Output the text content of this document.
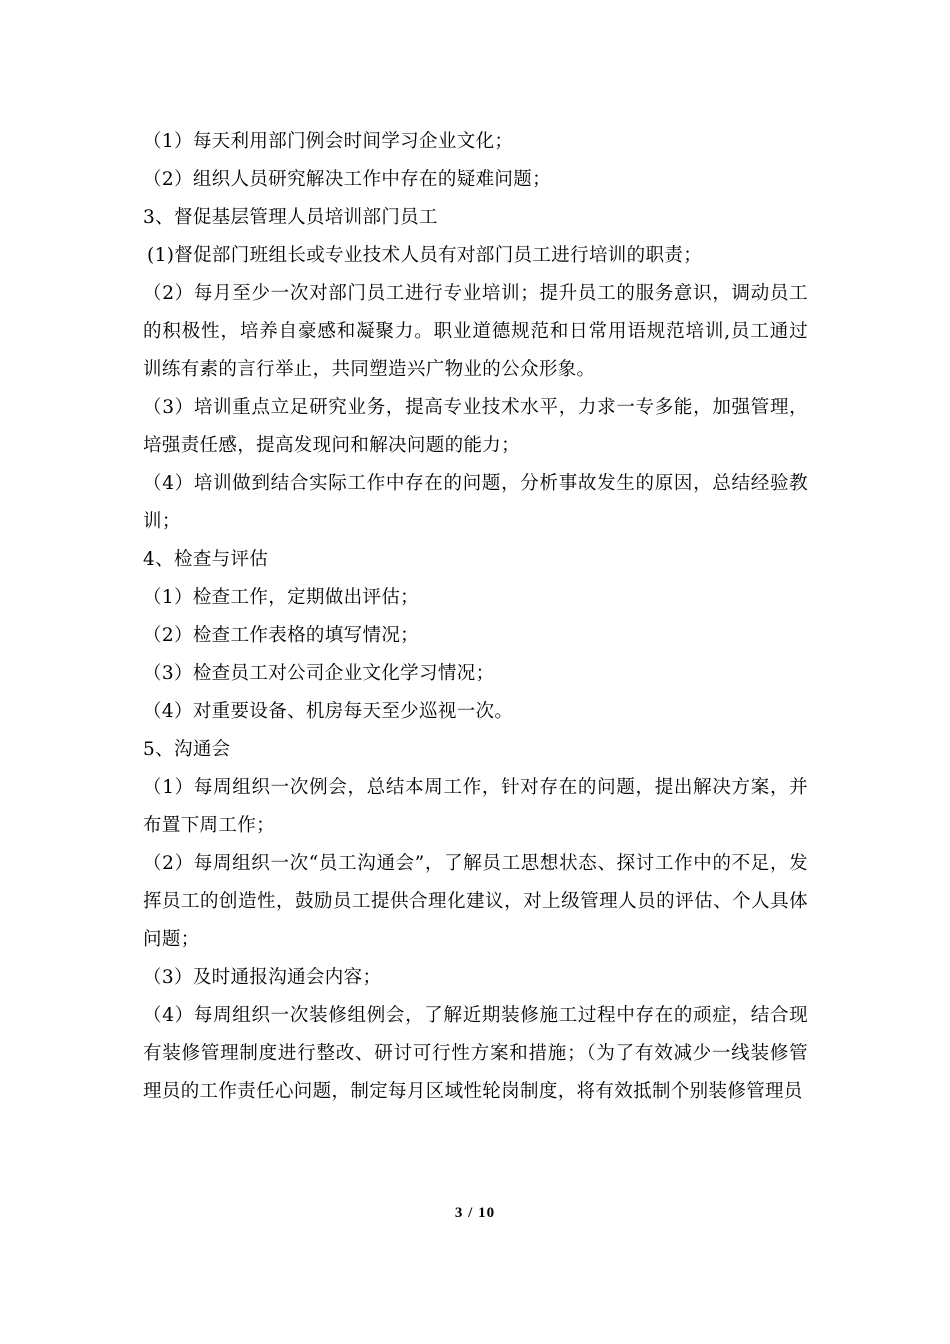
（1）每天利用部门例会时间学习企业文化；

（2）组织人员研究解决工作中存在的疑难问题；

3、督促基层管理人员培训部门员工

(1)督促部门班组长或专业技术人员有对部门员工进行培训的职责；

（2）每月至少一次对部门员工进行专业培训；提升员工的服务意识，调动员工的积极性，培养自豪感和凝聚力。职业道德规范和日常用语规范培训,员工通过训练有素的言行举止，共同塑造兴广物业的公众形象。

（3）培训重点立足研究业务，提高专业技术水平，力求一专多能，加强管理，培强责任感，提高发现问和解决问题的能力；

（4）培训做到结合实际工作中存在的问题，分析事故发生的原因，总结经验教训；

4、检查与评估

（1）检查工作，定期做出评估；

（2）检查工作表格的填写情况；

（3）检查员工对公司企业文化学习情况；

（4）对重要设备、机房每天至少巡视一次。

5、沟通会

（1）每周组织一次例会，总结本周工作，针对存在的问题，提出解决方案，并布置下周工作；

（2）每周组织一次“员工沟通会”，了解员工思想状态、探讨工作中的不足，发挥员工的创造性，鼓励员工提供合理化建议，对上级管理人员的评估、个人具体问题；

（3）及时通报沟通会内容；

（4）每周组织一次装修组例会，了解近期装修施工过程中存在的顽症，结合现有装修管理制度进行整改、研讨可行性方案和措施；（为了有效减少一线装修管理员的工作责任心问题，制定每月区域性轮岗制度，将有效抵制个别装修管理员

3 / 10
